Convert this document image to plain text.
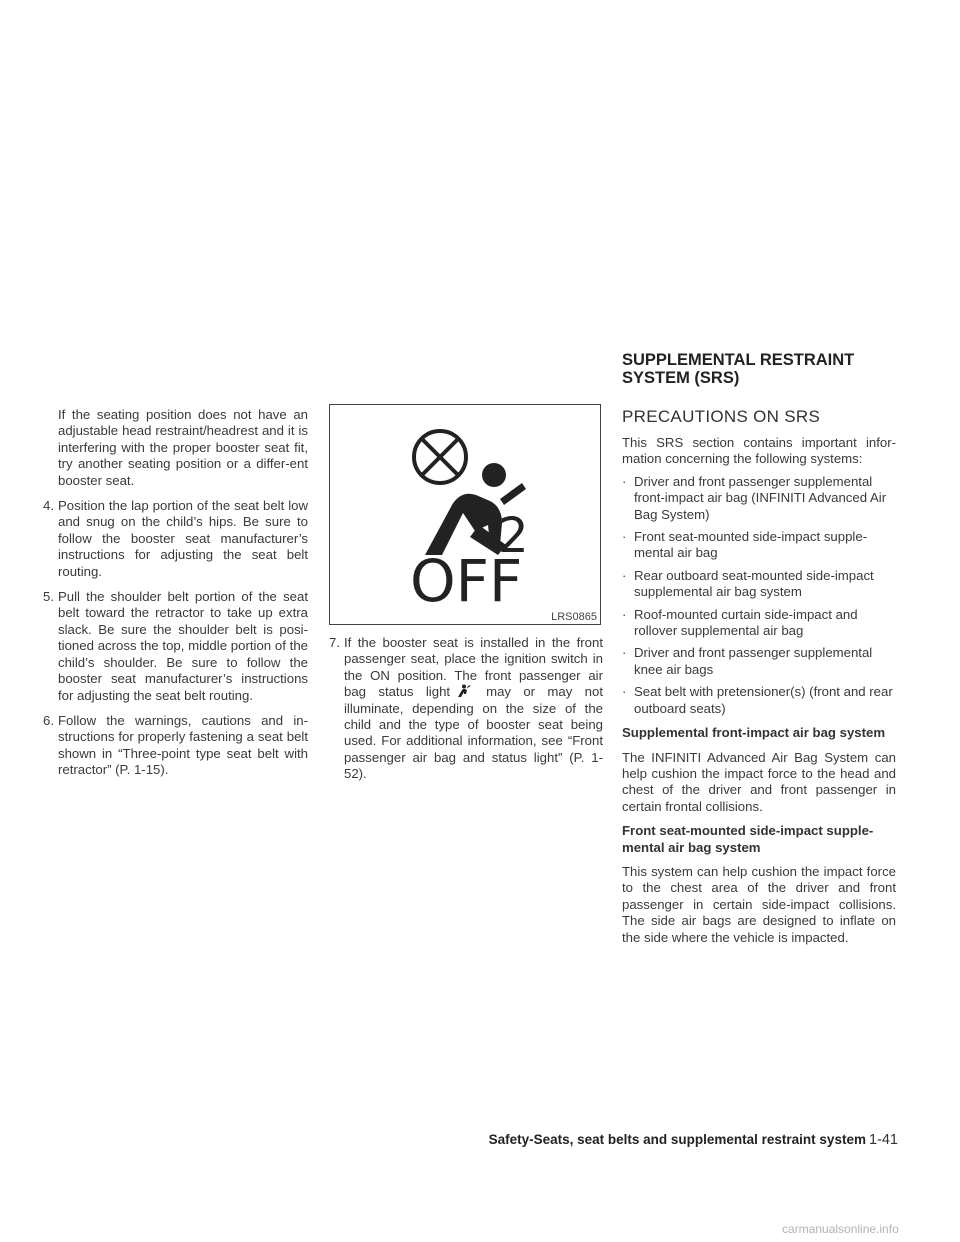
If the seating position does not have an adjustable head restraint/headrest and it is interfering with the proper booster seat fit, try another seating position or a differ-ent booster seat.

4. Position the lap portion of the seat belt low and snug on the child’s hips. Be sure to follow the booster seat manufacturer’s instructions for adjusting the seat belt routing.
5. Pull the shoulder belt portion of the seat belt toward the retractor to take up extra slack. Be sure the shoulder belt is posi-tioned across the top, middle portion of the child’s shoulder. Be sure to follow the booster seat manufacturer’s instructions for adjusting the seat belt routing.
6. Follow the warnings, cautions and in-structions for properly fastening a seat belt shown in “Three-point type seat belt with retractor” (P. 1-15).
2
OFF
LRS0865
7. If the booster seat is installed in the front passenger seat, place the ignition switch in the ON position. The front passenger air bag status light	may or may not illuminate, depending on the size of the child and the type of booster seat being used. For additional information, see “Front passenger air bag and status light” (P. 1-52).
SUPPLEMENTAL RESTRAINT
SYSTEM (SRS)
PRECAUTIONS ON SRS

This SRS section contains important infor-mation concerning the following systems:

· Driver and front passenger supplemental front-impact air bag (INFINITI Advanced Air Bag System)
· Front seat-mounted side-impact supple-mental air bag
· Rear outboard seat-mounted side-impact supplemental air bag system
· Roof-mounted curtain side-impact and rollover supplemental air bag
· Driver and front passenger supplemental knee air bags
· Seat belt with pretensioner(s) (front and rear outboard seats)
Supplemental front-impact air bag system

The INFINITI Advanced Air Bag System can help cushion the impact force to the head and chest of the driver and front passenger in certain frontal collisions.

Front seat-mounted side-impact supple-mental air bag system

This system can help cushion the impact force to the chest area of the driver and front passenger in certain side-impact collisions. The side air bags are designed to inflate on the side where the vehicle is impacted.

Safety-Seats, seat belts and supplemental restraint system 1-41
carmanualsonline.info
